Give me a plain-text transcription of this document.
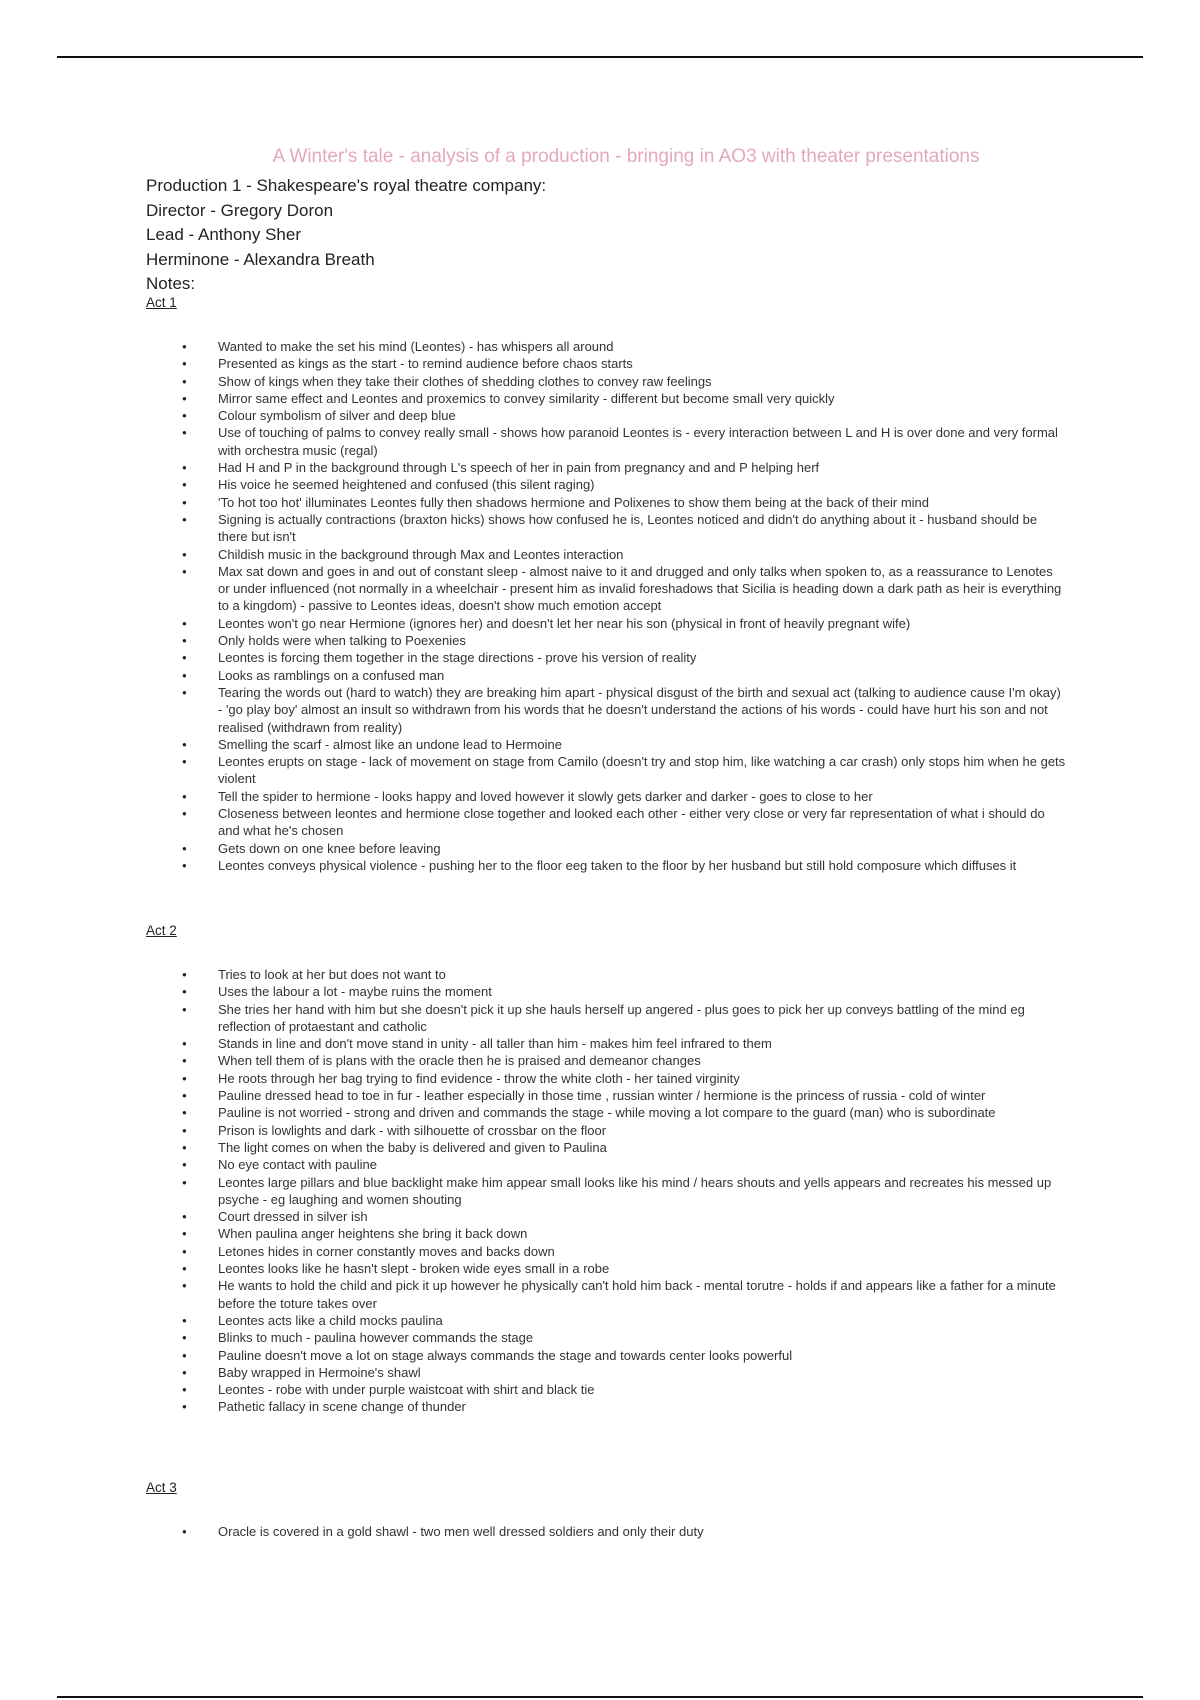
A Winter's tale - analysis of a production - bringing in AO3 with theater presentations
Production 1 - Shakespeare's royal theatre company:
Director - Gregory Doron
Lead - Anthony Sher
Herminone - Alexandra Breath
Notes:
Act 1
● Wanted to make the set his mind (Leontes) - has whispers all around
● Presented as kings as the start - to remind audience before chaos starts
● Show of kings when they take their clothes of shedding clothes to convey raw feelings
● Mirror same effect and Leontes and proxemics to convey similarity - different but become small very quickly
● Colour symbolism of silver and deep blue
● Use of touching of palms to convey really small - shows how paranoid Leontes is - every interaction between L and H is over done and very formal with orchestra music (regal)
● Had H and P in the background through L's speech of her in pain from pregnancy and and P helping herf
● His voice he seemed heightened and confused (this silent raging)
● 'To hot too hot' illuminates Leontes fully then shadows hermione and Polixenes to show them being at the back of their mind
● Signing is actually contractions (braxton hicks) shows how confused he is, Leontes noticed and didn't do anything about it - husband should be there but isn't
● Childish music in the background through Max and Leontes interaction
● Max sat down and goes in and out of constant sleep - almost naive to it and drugged and only talks when spoken to, as a reassurance to Lenotes or under influenced (not normally in a wheelchair - present him as invalid foreshadows that Sicilia is heading down a dark path as heir is everything to a kingdom) - passive to Leontes ideas, doesn't show much emotion accept
● Leontes won't go near Hermione (ignores her) and doesn't let her near his son (physical in front of heavily pregnant wife)
● Only holds were when talking to Poexenies
● Leontes is forcing them together in the stage directions - prove his version of reality
● Looks as ramblings on a confused man
● Tearing the words out (hard to watch) they are breaking him apart - physical disgust of the birth and sexual act (talking to audience cause I'm okay) - 'go play boy' almost an insult so withdrawn from his words that he doesn't understand the actions of his words - could have hurt his son and not realised (withdrawn from reality)
● Smelling the scarf - almost like an undone lead to Hermoine
● Leontes erupts on stage - lack of movement on stage from Camilo (doesn't try and stop him, like watching a car crash) only stops him when he gets violent
● Tell the spider to hermione - looks happy and loved however it slowly gets darker and darker - goes to close to her
● Closeness between leontes and hermione close together and looked each other - either very close or very far representation of what i should do and what he's chosen
● Gets down on one knee before leaving
● Leontes conveys physical violence - pushing her to the floor eeg taken to the floor by her husband but still hold composure which diffuses it
Act 2
● Tries to look at her but does not want to
● Uses the labour a lot - maybe ruins the moment
● She tries her hand with him but she doesn't pick it up she hauls herself up angered - plus goes to pick her up conveys battling of the mind eg reflection of protaestant and catholic
● Stands in line and don't move stand in unity - all taller than him - makes him feel infrared to them
● When tell them of is plans with the oracle then he is praised and demeanor changes
● He roots through her bag trying to find evidence - throw the white cloth - her tained virginity
● Pauline dressed head to toe in fur - leather especially in those time , russian winter / hermione is the princess of russia - cold of winter
● Pauline is not worried - strong and driven and commands the stage - while moving a lot compare to the guard (man) who is subordinate
● Prison is lowlights and dark - with silhouette of crossbar on the floor
● The light comes on when the baby is delivered and given to Paulina
● No eye contact with pauline
● Leontes large pillars and blue backlight make him appear small looks like his mind / hears shouts and yells appears and recreates his messed up psyche - eg laughing and women shouting
● Court dressed in silver ish
● When paulina anger heightens she bring it back down
● Letones hides in corner constantly moves and backs down
● Leontes looks like he hasn't slept - broken wide eyes small in a robe
● He wants to hold the child and pick it up however he physically can't hold him back - mental torutre - holds if and appears like a father for a minute before the toture takes over
● Leontes acts like a child mocks paulina
● Blinks to much - paulina however commands the stage
● Pauline doesn't move a lot on stage always commands the stage and towards center looks powerful
● Baby wrapped in Hermoine's shawl
● Leontes - robe with under purple waistcoat with shirt and black tie
● Pathetic fallacy in scene change of thunder
Act 3
● Oracle is covered in a gold shawl - two men well dressed soldiers and only their duty
